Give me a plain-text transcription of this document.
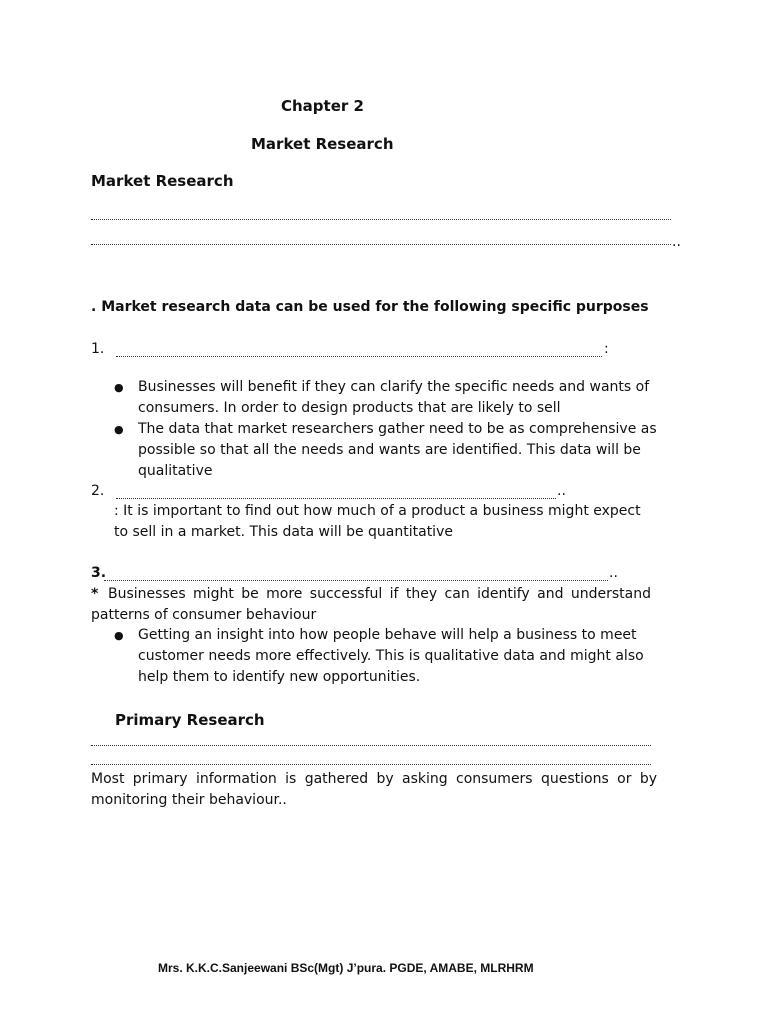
Chapter 2
Market Research
Market Research
..
. Market research data can be used for the following specific purposes
1.	:
● Businesses will benefit if they can clarify the specific needs and wants of consumers. In order to design products that are likely to sell
● The data that market researchers gather need to be as comprehensive as possible so that all the needs and wants are identified. This data will be qualitative
2.	..
: It is important to find out how much of a product a business might expect to sell in a market. This data will be quantitative
3.	..
* Businesses might be more successful if they can identify and understand patterns of consumer behaviour
● Getting an insight into how people behave will help a business to meet customer needs more effectively. This is qualitative data and might also help them to identify new opportunities.
Primary Research
Most primary information is gathered by asking consumers questions or by monitoring their behaviour..
Mrs. K.K.C.Sanjeewani BSc(Mgt) J’pura. PGDE, AMABE, MLRHRM
